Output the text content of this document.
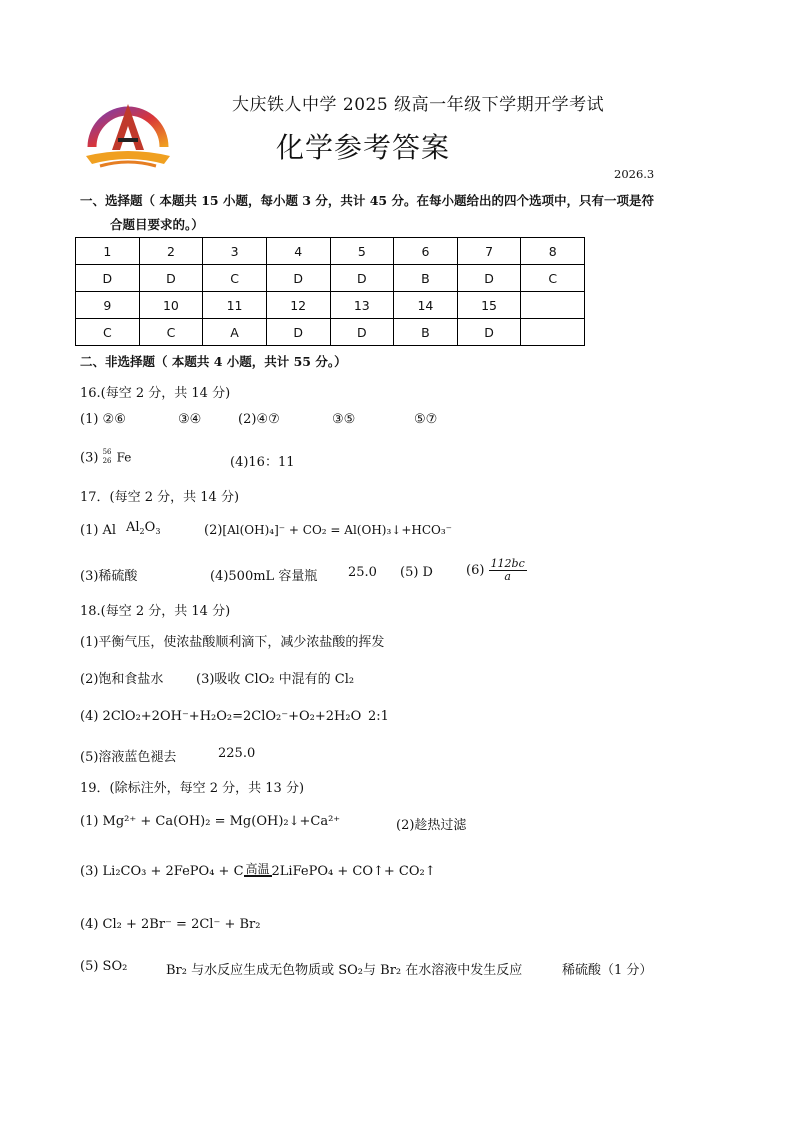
大庆铁人中学 2025 级高一年级下学期开学考试
化学参考答案
2026.3
一、选择题（ 本题共 15 小题，每小题 3 分，共计 45 分。在每小题给出的四个选项中，只有一项是符
合题目要求的。）
1	2	3	4	5	6	7	8
D	D	C	D	D	B	D	C
9	10	11	12	13	14	15	
C	C	A	D	D	B	D	
二、非选择题（ 本题共 4 小题，共计 55 分。）
16.(每空 2 分，共 14 分)
(1) ②⑥	③④	(2)④⑦	③⑤	⑤⑦
(3) 56
26 Fe	(4)16：11
17．(每空 2 分，共 14 分)
(1) Al $Al_2O_3$	(2)[Al(OH)₄]⁻ + CO₂ = Al(OH)₃↓+HCO₃⁻
(3)稀硫酸	(4)500mL 容量瓶 25.0 (5) D	$(6) \frac{112bc}{a}$
18.(每空 2 分，共 14 分)
(1)平衡气压，使浓盐酸顺利滴下，减少浓盐酸的挥发
(2)饱和食盐水	(3)吸收 ClO₂ 中混有的 Cl₂
(4) 2ClO₂+2OH⁻+H₂O₂=2ClO₂⁻+O₂+2H₂O 2:1
(5)溶液蓝色褪去	225.0
19．(除标注外，每空 2 分，共 13 分)
(1) Mg²⁺ + Ca(OH)₂ = Mg(OH)₂↓+Ca²⁺	(2)趁热过滤
(3) Li₂CO₃ + 2FePO₄ + C 高温 2LiFePO₄ + CO↑+ CO₂↑
(4) Cl₂ + 2Br⁻ = 2Cl⁻ + Br₂
(5) SO₂	Br₂ 与水反应生成无色物质或 SO₂与 Br₂ 在水溶液中发生反应	稀硫酸（1 分）
